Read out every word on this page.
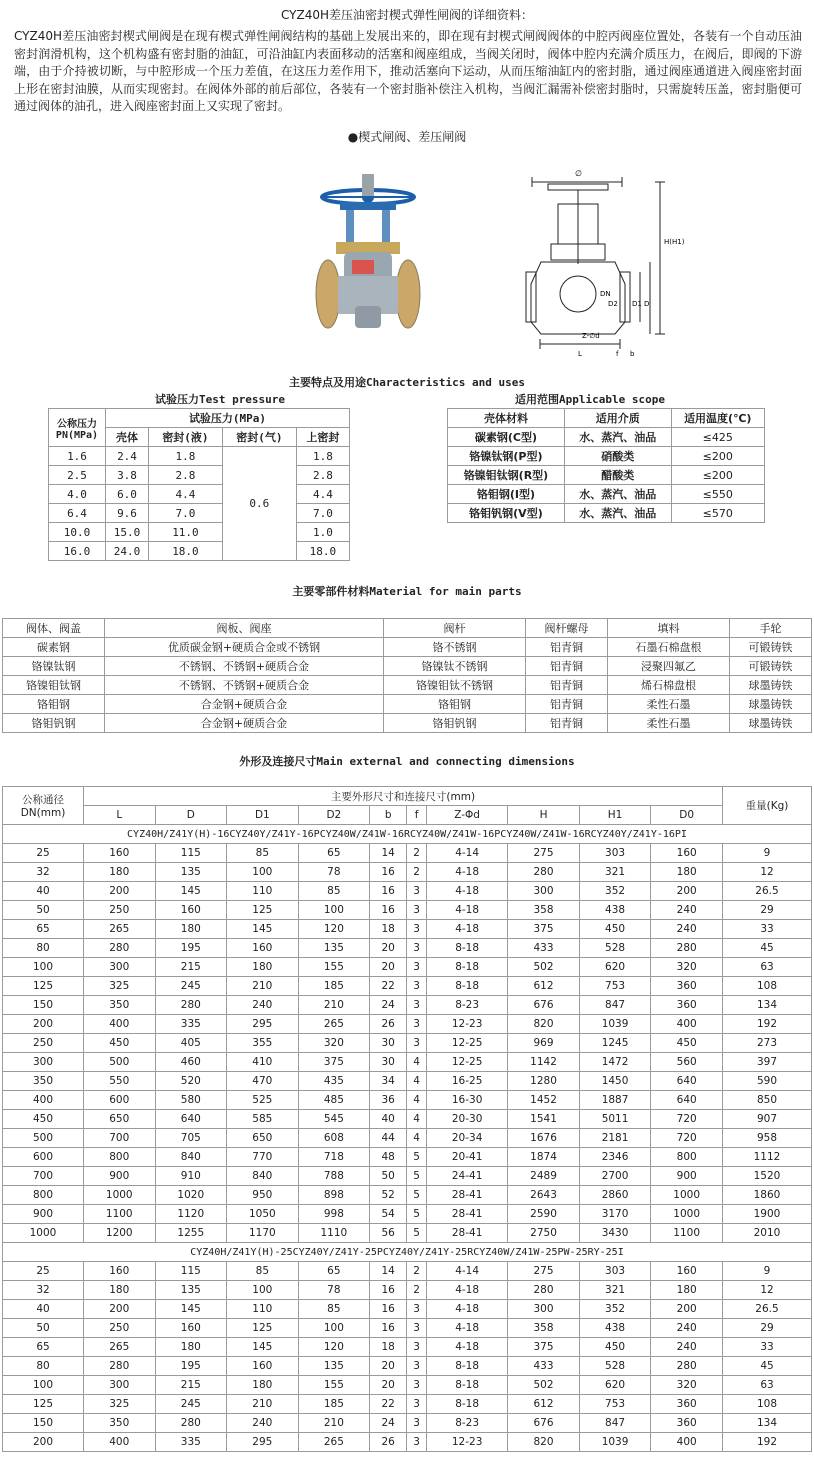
CYZ40H差压油密封楔式弹性闸阀的详细资料：
CYZ40H差压油密封楔式闸阀是在现有楔式弹性闸阀结构的基础上发展出来的，即在现有封楔式闸阀阀体的中腔丙阀座位置处，各装有一个自动压油密封润滑机构，这个机构盛有密封脂的油缸，可沿油缸内表面移动的活塞和阀座组成，当阀关闭时，阀体中腔内充满介质压力，在阀后，即阀的下游端，由于介持被切断，与中腔形成一个压力差值，在这压力差作用下，推动活塞向下运动，从而压缩油缸内的密封脂，通过阀座通道进入阀座密封面上形在密封油膜，从而实现密封。在阀体外部的前后部位，各装有一个密封脂补偿注入机构，当阀汇漏需补偿密封脂时，只需旋转压盖，密封脂便可通过阀体的油孔，进入阀座密封面上又实现了密封。
●楔式闸阀、差压闸阀
∅
H(H1)
DN
D2 D1 D
Z-∅d
L	f b
主要特点及用途Characteristics and uses
试验压力Test pressure	适用范围Applicable scope
公称压力PN(MPa)	试验压力(MPa)			
	壳体	密封(液)	密封(气)	上密封
1.6	2.4	1.8	0.6	1.8
2.5	3.8	2.8		2.8
4.0	6.0	4.4		4.4
6.4	9.6	7.0		7.0
10.0	15.0	11.0		1.0
16.0	24.0	18.0		18.0
壳体材料	适用介质	适用温度(℃)
碳素钢(C型)	水、蒸汽、油品	≤425
铬镍钛钢(P型)	硝酸类	≤200
铬镍钼钛钢(R型)	醋酸类	≤200
铬钼钢(I型)	水、蒸汽、油品	≤550
铬钼钒钢(V型)	水、蒸汽、油品	≤570
主要零部件材料Material for main parts
阀体、阀盖	阀板、阀座	阀杆	阀杆螺母	填料	手轮
碳素钢	优质碳金钢+硬质合金或不锈钢	铬不锈钢	铝青铜	石墨石棉盘根	可锻铸铁
铬镍钛钢	不锈钢、不锈钢+硬质合金	铬镍钛不锈钢	铝青铜	浸聚四氟乙	可锻铸铁
铬镍钼钛钢	不锈钢、不锈钢+硬质合金	铬镍钼钛不锈钢	铝青铜	烯石棉盘根	球墨铸铁
铬钼钢	合金钢+硬质合金	铬钼钢	铝青铜	柔性石墨	球墨铸铁
铬钼钒钢	合金钢+硬质合金	铬钼钒钢	铝青铜	柔性石墨	球墨铸铁
外形及连接尺寸Main external and connecting dimensions
公称通径DN(mm)	主要外形尺寸和连接尺寸(mm)										重量(Kg)
	L	D	D1	D2	b	f	Z-Φd	H	H1	D0	
CYZ40H/Z41Y(H)-16CYZ40Y/Z41Y-16PCYZ40W/Z41W-16RCYZ40W/Z41W-16PCYZ40W/Z41W-16RCYZ40Y/Z41Y-16PI											
25	160	115	85	65	14	2	4-14	275	303	160	9
32	180	135	100	78	16	2	4-18	280	321	180	12
40	200	145	110	85	16	3	4-18	300	352	200	26.5
50	250	160	125	100	16	3	4-18	358	438	240	29
65	265	180	145	120	18	3	4-18	375	450	240	33
80	280	195	160	135	20	3	8-18	433	528	280	45
100	300	215	180	155	20	3	8-18	502	620	320	63
125	325	245	210	185	22	3	8-18	612	753	360	108
150	350	280	240	210	24	3	8-23	676	847	360	134
200	400	335	295	265	26	3	12-23	820	1039	400	192
250	450	405	355	320	30	3	12-25	969	1245	450	273
300	500	460	410	375	30	4	12-25	1142	1472	560	397
350	550	520	470	435	34	4	16-25	1280	1450	640	590
400	600	580	525	485	36	4	16-30	1452	1887	640	850
450	650	640	585	545	40	4	20-30	1541	5011	720	907
500	700	705	650	608	44	4	20-34	1676	2181	720	958
600	800	840	770	718	48	5	20-41	1874	2346	800	1112
700	900	910	840	788	50	5	24-41	2489	2700	900	1520
800	1000	1020	950	898	52	5	28-41	2643	2860	1000	1860
900	1100	1120	1050	998	54	5	28-41	2590	3170	1000	1900
1000	1200	1255	1170	1110	56	5	28-41	2750	3430	1100	2010
CYZ40H/Z41Y(H)-25CYZ40Y/Z41Y-25PCYZ40Y/Z41Y-25RCYZ40W/Z41W-25PW-25RY-25I											
25	160	115	85	65	14	2	4-14	275	303	160	9
32	180	135	100	78	16	2	4-18	280	321	180	12
40	200	145	110	85	16	3	4-18	300	352	200	26.5
50	250	160	125	100	16	3	4-18	358	438	240	29
65	265	180	145	120	18	3	4-18	375	450	240	33
80	280	195	160	135	20	3	8-18	433	528	280	45
100	300	215	180	155	20	3	8-18	502	620	320	63
125	325	245	210	185	22	3	8-18	612	753	360	108
150	350	280	240	210	24	3	8-23	676	847	360	134
200	400	335	295	265	26	3	12-23	820	1039	400	192
